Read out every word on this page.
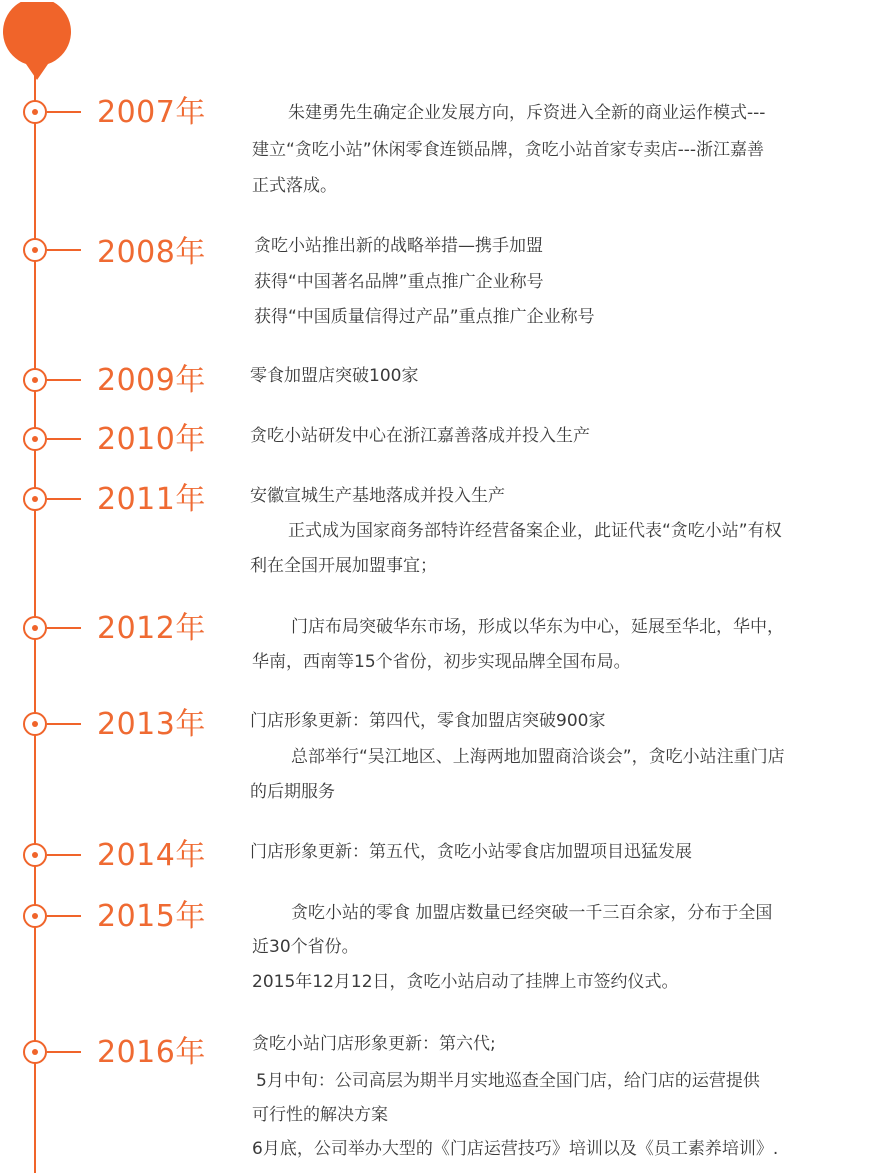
2007年	朱建勇先生确定企业发展方向，斥资进入全新的商业运作模式---
建立“贪吃小站”休闲零食连锁品牌，贪吃小站首家专卖店---浙江嘉善
正式落成。
2008年	贪吃小站推出新的战略举措—携手加盟
获得“中国著名品牌”重点推广企业称号
获得“中国质量信得过产品”重点推广企业称号
2009年	零食加盟店突破100家
2010年	贪吃小站研发中心在浙江嘉善落成并投入生产
2011年	安徽宣城生产基地落成并投入生产
正式成为国家商务部特许经营备案企业，此证代表“贪吃小站”有权
利在全国开展加盟事宜；
2012年	门店布局突破华东市场，形成以华东为中心，延展至华北，华中，
华南，西南等15个省份，初步实现品牌全国布局。
2013年	门店形象更新：第四代，零食加盟店突破900家
总部举行“吴江地区、上海两地加盟商洽谈会”，贪吃小站注重门店
的后期服务
2014年	门店形象更新：第五代，贪吃小站零食店加盟项目迅猛发展
2015年	贪吃小站的零食 加盟店数量已经突破一千三百余家，分布于全国
近30个省份。
2015年12月12日，贪吃小站启动了挂牌上市签约仪式。
2016年	贪吃小站门店形象更新：第六代;
5月中旬：公司高层为期半月实地巡查全国门店，给门店的运营提供
可行性的解决方案
6月底，公司举办大型的《门店运营技巧》培训以及《员工素养培训》.
